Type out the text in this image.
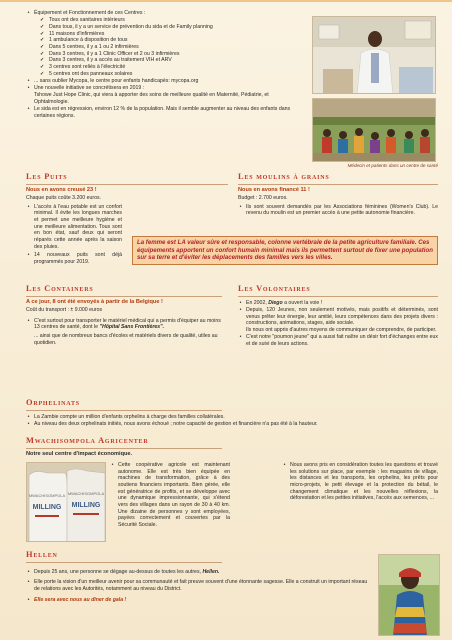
• Équipement et Fonctionnement de ces Centres :
✓ Tous ont des sanitaires intérieurs
✓ Dans tous, il y a un service de prévention du sida et de Family planning
✓ 11 maisons d'infirmières
✓ 1 ambulance à disposition de tous
✓ Dans 5 centres, il y a 1 ou 2 infirmières
✓ Dans 3 centres, il y a 1 Clinic Officer et 2 ou 3 infirmières
✓ Dans 3 centres, il y a accès au traitement VIH et ARV
✓ 3 centres sont reliés à l'électricité
✓ 5 centres ont des panneaux solaires
• ... sans oublier Mycopa, le centre pour enfants handicapés: mycopa.org
• Une nouvelle initiative se concrétisera en 2019 :
Tshowe Just Hope Clinic, qui viera à apporter des soins de meilleure qualité en Maternité, Pédiatrie, et Ophtalmologie.
• Le sida est en régression, environ 12 % de la population. Mais il semble augmenter au niveau des enfants dans certaines régions.
Médecin et patients dans un centre de santé
Les Puits
Nous en avons creusé 23 !
Chaque puits coûte 3.200 euros.
• L'accès à l'eau potable est un confort minimal. Il évite les longues marches et permet une meilleure hygiène et une meilleure alimentation. Tous sont en bon état, sauf deux qui seront réparés cette année après la saison des pluies.
• 14 nouveaux puits sont déjà programmés pour 2019.
Les moulins à grains
Nous en avons financé 11 !
Budget : 2.700 euros.
• Ils sont souvent demandés par les Associations féminines (Women's Club). Le revenu du moulin est un premier accès à une petite autonomie financière.
La femme est LA valeur sûre et responsable, colonne vertébrale de la petite agriculture familiale. Ces équipements apportent un confort humain minimal mais ils permettent surtout de fixer une population sur sa terre et d'éviter les déplacements des familles vers les villes.
Les Containers
A ce jour, 8 ont été envoyés à partir de la Belgique !
Coût du transport : ± 9.000 euros
• C'est surtout pour transporter le matériel médical qui a permis d'équiper au moins 13 centres de santé, dont le "Hôpital Sans Frontières".
... ainsi que de nombreux bancs d'écoles et matériels divers de qualité, utiles au quotidien.
Les Volontaires
• En 2002, Diego a ouvert la voie !
• Depuis, 120 Jeunes, non seulement motivés, mais positifs et déterminés, sont venus prêter leur énergie, leur amitié, leurs compétences dans des projets divers : constructions, animations, stages, aide sociale.
Ils nous ont appris d'autres moyens de communiquer de comprendre, de participer.
• C'est notre "poumon jeune" qui a aussi fait naître un désir fort d'échanges entre eux et de suivi de leurs actions.
Orphelinats
• La Zambie compte un million d'enfants orphelins à charge des familles collatérales.
• Au niveau des deux orphelinats initiés, nous avons échoué ; notre capacité de gestion et financière n'a pas été à la hauteur.
Mwachisompola Agricenter
Notre seul centre d'impact économique.
MWACHISOMPOLA
MILLING
MWACHISOMPOLA
MILLING
• Cette coopérative agricole est maintenant autonome. Elle est très bien équipée en machines de transformation, grâce à des soutiens financiers importants. Bien gérée, elle est génératrice de profits, et se développe avec une dynamique impressionnante, qui s'étend vers des villages dans un rayon de 30 à 40 km. Une dizaine de personnes y sont employées, payées correctement et couvertes par la Sécurité Sociale.
• Nous avons pris en considération toutes les questions et trouvé les solutions sur place, par exemple : les magasins de village, les distances et les transports, les orphelins, les prêts pour micro-projets, le petit élevage et la protection du bétail, le changement climatique et les nouvelles réflexions, la déforestation et les petites initiatives, l'accès aux semences, ...
Hellen
• Depuis 25 ans, une personne se dégage au-dessus de toutes les autres, Hellen.
• Elle porte la vision d'un meilleur avenir pour sa communauté et fait preuve souvent d'une étonnante sagesse. Elle a construit un important réseau de relations avec les Autorités, notamment au niveau du District.
• Elle sera avec nous au dîner de gala !
